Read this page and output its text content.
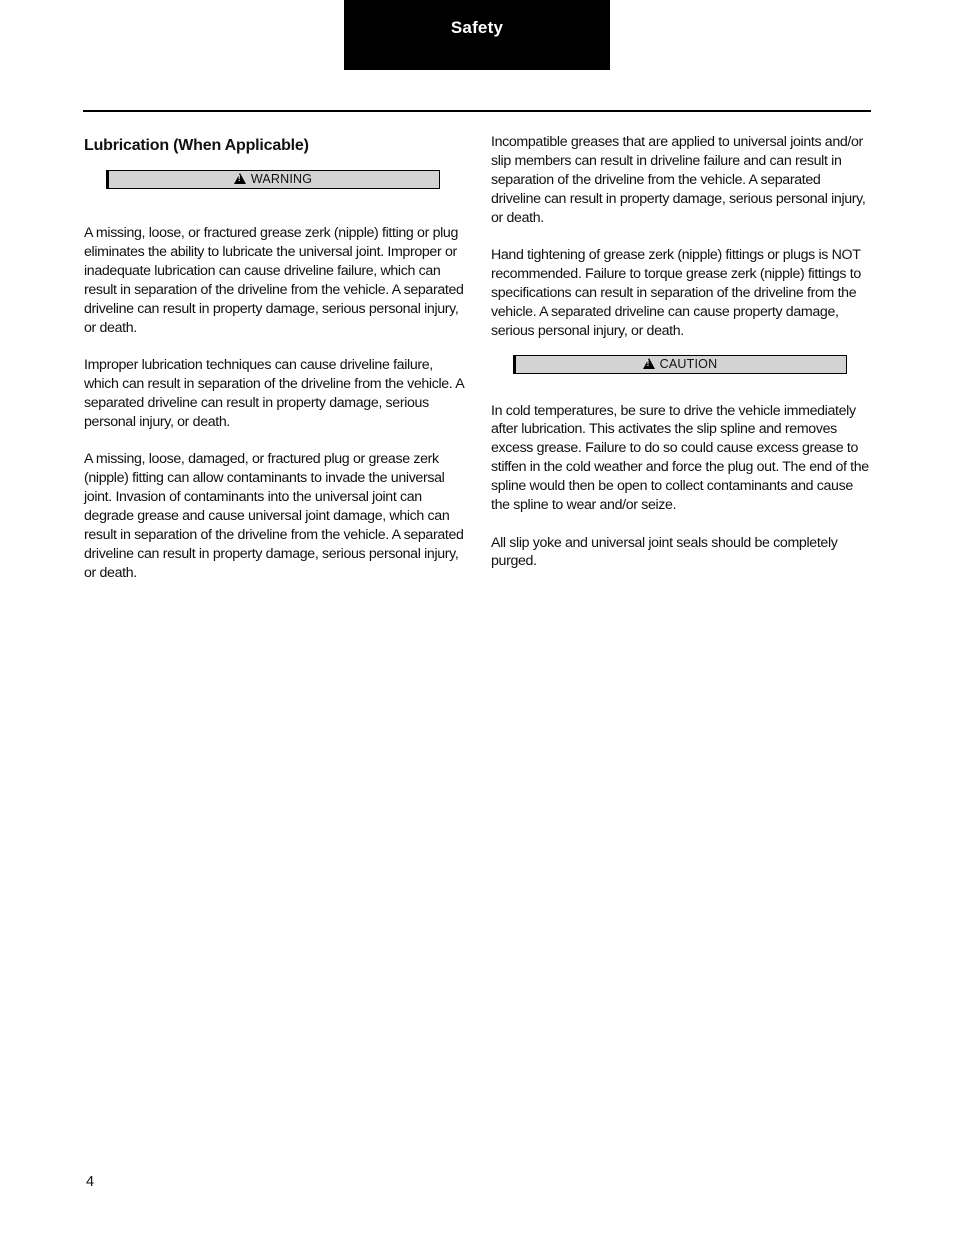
Safety
Lubrication (When Applicable)
!WARNING

A missing, loose, or fractured grease zerk (nipple) fitting or plug eliminates the ability to lubricate the universal joint. Improper or inadequate lubrication can cause driveline failure, which can result in separation of the driveline from the vehicle. A separated driveline can result in property damage, serious personal injury, or death.

Improper lubrication techniques can cause driveline failure, which can result in separation of the driveline from the vehicle. A separated driveline can result in property damage, serious personal injury, or death.

A missing, loose, damaged, or fractured plug or grease zerk (nipple) fitting can allow contaminants to invade the universal joint. Invasion of contaminants into the universal joint can degrade grease and cause universal joint damage, which can result in separation of the driveline from the vehicle. A separated driveline can result in property damage, serious personal injury, or death.

Incompatible greases that are applied to universal joints and/or slip members can result in driveline failure and can result in separation of the driveline from the vehicle. A separated driveline can result in property damage, serious personal injury, or death.

Hand tightening of grease zerk (nipple) fittings or plugs is NOT recommended. Failure to torque grease zerk (nipple) fittings to specifications can result in separation of the driveline from the vehicle. A separated driveline can cause property damage, serious personal injury, or death.

!CAUTION

In cold temperatures, be sure to drive the vehicle immediately after lubrication. This activates the slip spline and removes excess grease. Failure to do so could cause excess grease to stiffen in the cold weather and force the plug out. The end of the spline would then be open to collect contaminants and cause the spline to wear and/or seize.

All slip yoke and universal joint seals should be completely purged.

4
